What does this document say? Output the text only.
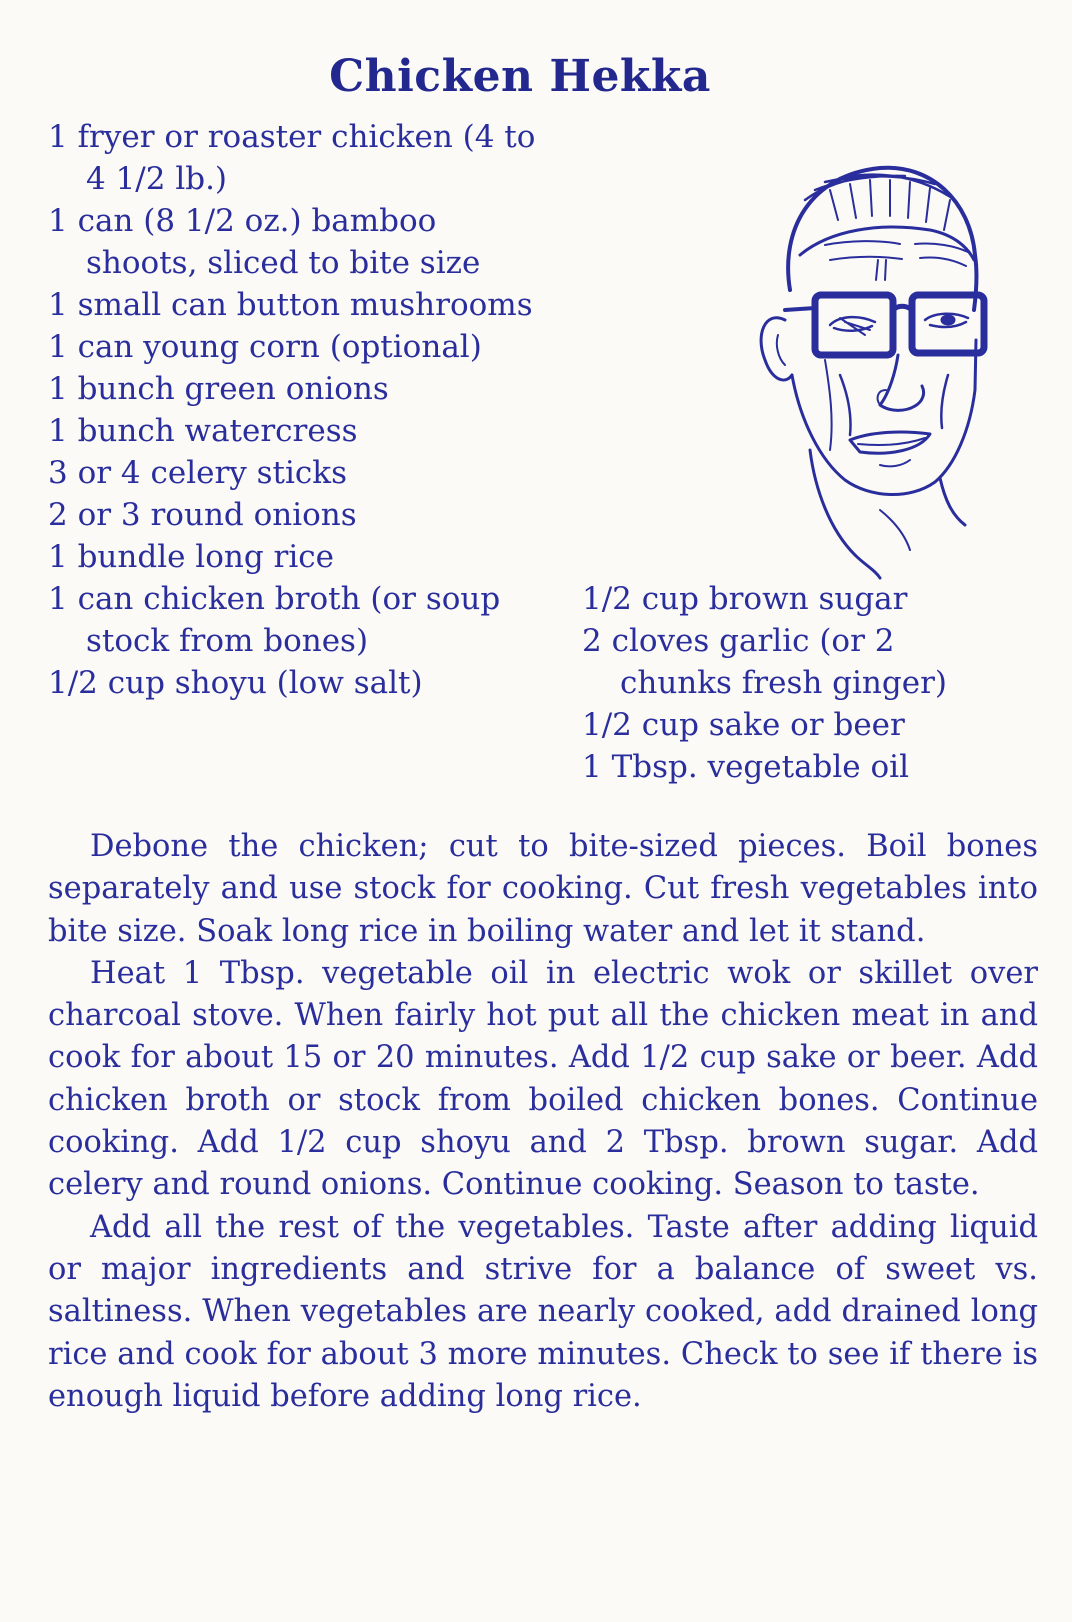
Chicken Hekka
1 fryer or roaster chicken (4 to 4 1/2 lb.)
1 can (8 1/2 oz.) bamboo shoots, sliced to bite size
1 small can button mushrooms
1 can young corn (optional)
1 bunch green onions
1 bunch watercress
3 or 4 celery sticks
2 or 3 round onions
1 bundle long rice
1 can chicken broth (or soup stock from bones)
1/2 cup shoyu (low salt)
1/2 cup brown sugar
2 cloves garlic (or 2 chunks fresh ginger)
1/2 cup sake or beer
1 Tbsp. vegetable oil

Debone the chicken; cut to bite-sized pieces. Boil bones separately and use stock for cooking. Cut fresh vegetables into bite size. Soak long rice in boiling water and let it stand.

Heat 1 Tbsp. vegetable oil in electric wok or skillet over charcoal stove. When fairly hot put all the chicken meat in and cook for about 15 or 20 minutes. Add 1/2 cup sake or beer. Add chicken broth or stock from boiled chicken bones. Continue cooking. Add 1/2 cup shoyu and 2 Tbsp. brown sugar. Add celery and round onions. Continue cooking. Season to taste.

Add all the rest of the vegetables. Taste after adding liquid or major ingredients and strive for a balance of sweet vs. saltiness. When vegetables are nearly cooked, add drained long rice and cook for about 3 more minutes. Check to see if there is enough liquid before adding long rice.
